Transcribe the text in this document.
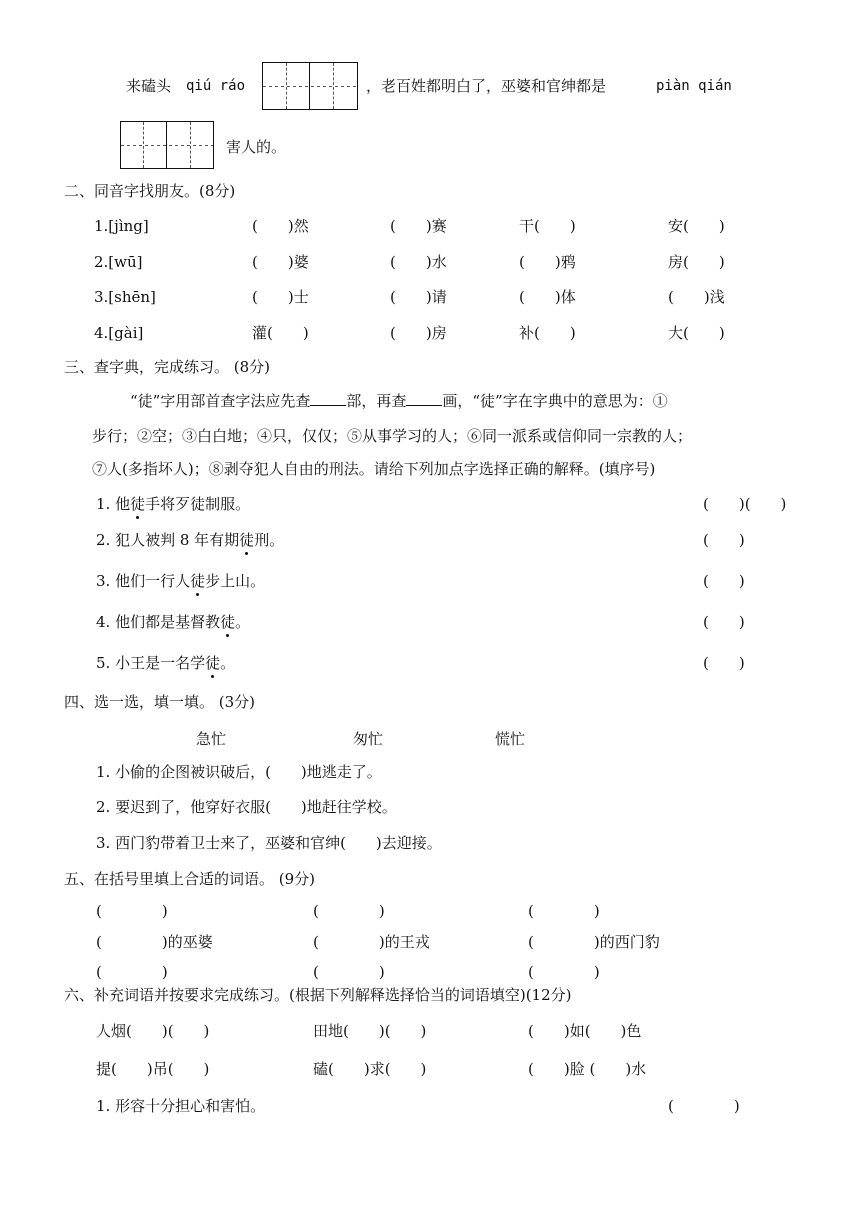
来磕头 qiú ráo	，老百姓都明白了，巫婆和官绅都是	piàn qián
害人的。
二、同音字找朋友。(8分)
1.[jìng]	(　　)然	(　　)赛	干(　　)	安(　　)
2.[wū]	(　　)婆	(　　)水	(　　)鸦	房(　　)
3.[shēn]	(　　)士	(　　)请	(　　)体	(　　)浅
4.[gài]	灌(　　)	(　　)房	补(　　)	大(　　)
三、查字典，完成练习。 (8分)
“徒”字用部首查字法应先查 部，再查 画，“徒”字在字典中的意思为：①
步行；②空；③白白地；④只，仅仅；⑤从事学习的人；⑥同一派系或信仰同一宗教的人；
⑦人(多指坏人)；⑧剥夺犯人自由的刑法。请给下列加点字选择正确的解释。(填序号)
1. 他徒手将歹徒制服。	(　　)(　　)
2. 犯人被判 8 年有期徒刑。	(　　)
3. 他们一行人徒步上山。	(　　)
4. 他们都是基督教徒。	(　　)
5. 小王是一名学徒。	(　　)
四、选一选，填一填。 (3分)
急忙	匆忙	慌忙
1. 小偷的企图被识破后，(　　)地逃走了。
2. 要迟到了，他穿好衣服(　　)地赶往学校。
3. 西门豹带着卫士来了，巫婆和官绅(　　)去迎接。
五、在括号里填上合适的词语。 (9分)
(　　　　)	(　　　　)	(　　　　)
(　　　　)的巫婆	(　　　　)的王戎	(　　　　)的西门豹
(　　　　)	(　　　　)	(　　　　)
六、补充词语并按要求完成练习。(根据下列解释选择恰当的词语填空)(12分)
人烟(　　)(　　)	田地(　　)(　　)	(　　)如(　　)色
提(　　)吊(　　)	磕(　　)求(　　)	(　　)脸 (　　)水
1. 形容十分担心和害怕。	(　　　　)
